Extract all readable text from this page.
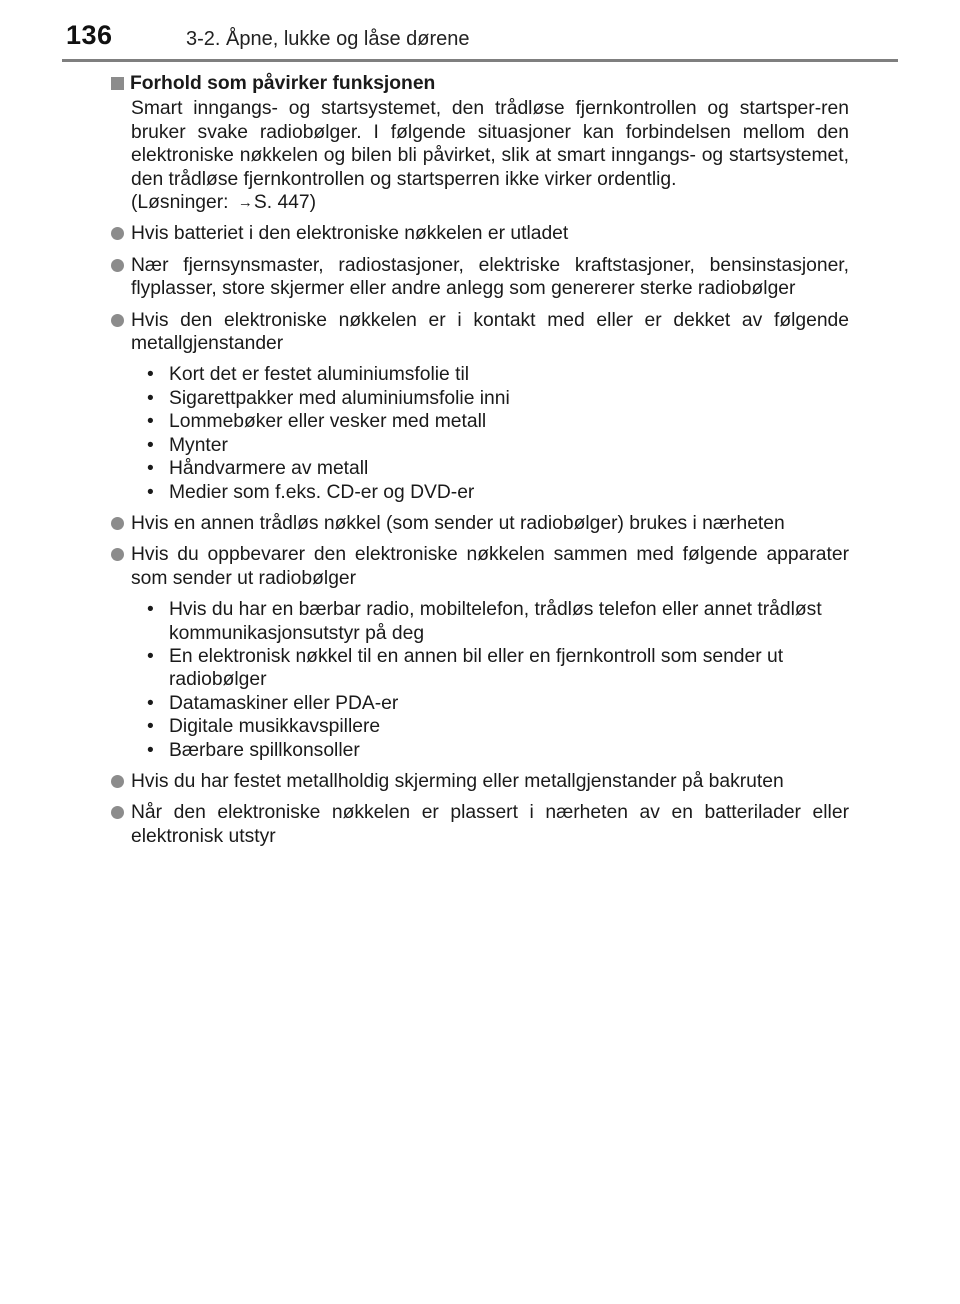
136	3-2. Åpne, lukke og låse dørene
Forhold som påvirker funksjonen
Smart inngangs- og startsystemet, den trådløse fjernkontrollen og startsper-ren bruker svake radiobølger. I følgende situasjoner kan forbindelsen mellom den elektroniske nøkkelen og bilen bli påvirket, slik at smart inngangs- og startsystemet, den trådløse fjernkontrollen og startsperren ikke virker ordentlig.
(Løsninger: →S. 447)
Hvis batteriet i den elektroniske nøkkelen er utladet
Nær fjernsynsmaster, radiostasjoner, elektriske kraftstasjoner, bensinstasjoner, flyplasser, store skjermer eller andre anlegg som genererer sterke radiobølger
Hvis den elektroniske nøkkelen er i kontakt med eller er dekket av følgende metallgjenstander
• Kort det er festet aluminiumsfolie til
• Sigarettpakker med aluminiumsfolie inni
• Lommebøker eller vesker med metall
• Mynter
• Håndvarmere av metall
• Medier som f.eks. CD-er og DVD-er
Hvis en annen trådløs nøkkel (som sender ut radiobølger) brukes i nærheten
Hvis du oppbevarer den elektroniske nøkkelen sammen med følgende apparater som sender ut radiobølger
• Hvis du har en bærbar radio, mobiltelefon, trådløs telefon eller annet trådløst kommunikasjonsutstyr på deg
• En elektronisk nøkkel til en annen bil eller en fjernkontroll som sender ut radiobølger
• Datamaskiner eller PDA-er
• Digitale musikkavspillere
• Bærbare spillkonsoller
Hvis du har festet metallholdig skjerming eller metallgjenstander på bakruten
Når den elektroniske nøkkelen er plassert i nærheten av en batterilader eller elektronisk utstyr
